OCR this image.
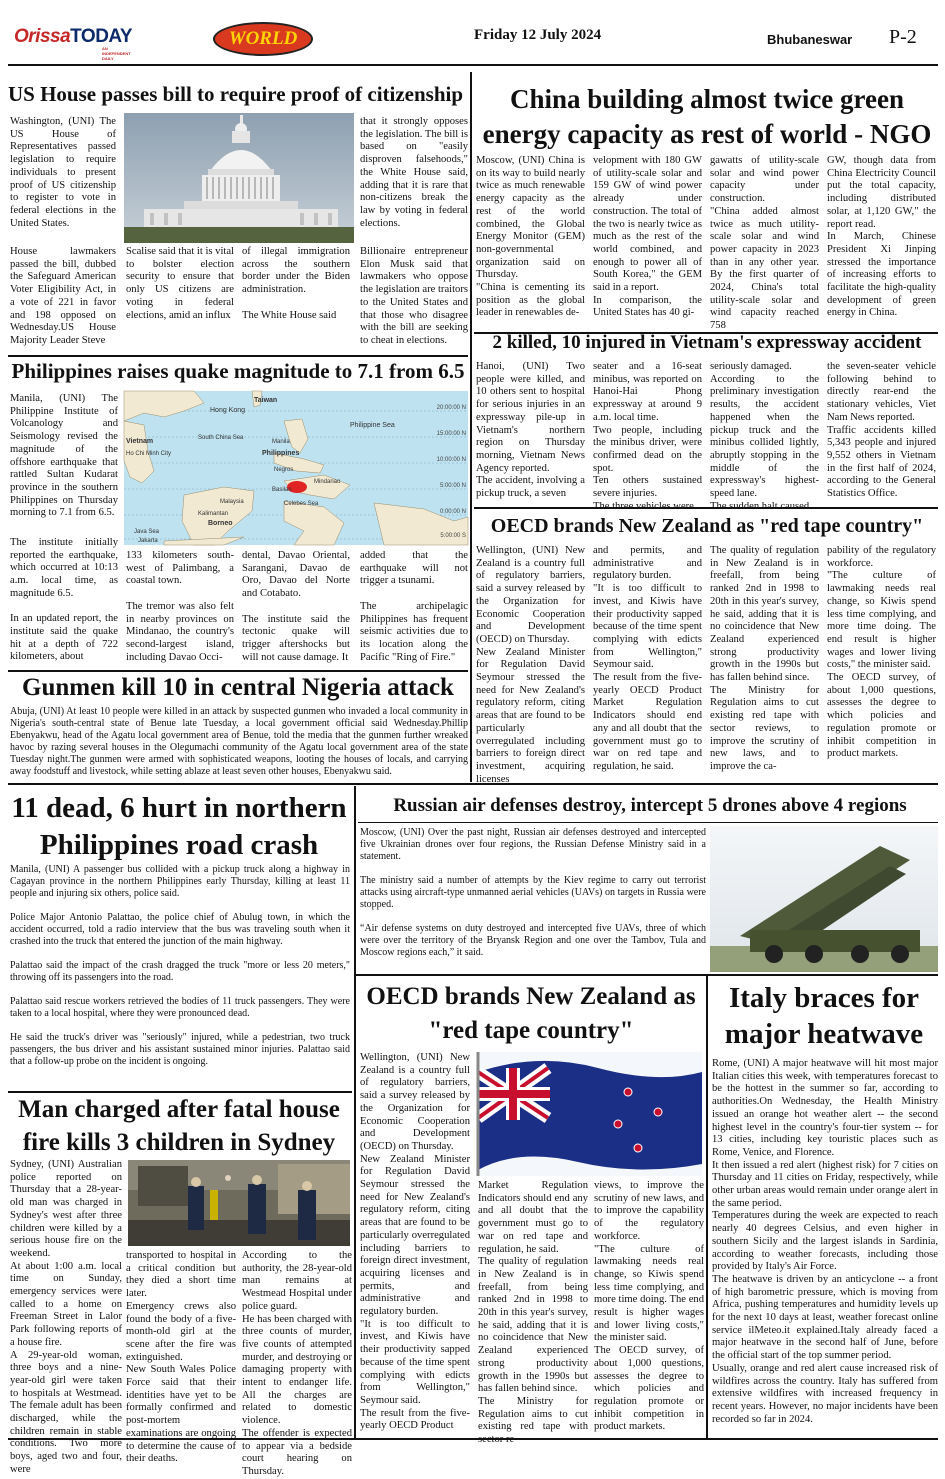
OrissaTODAY
AN INDEPENDENT DAILY
WORLD	Friday 12 July 2024	Bhubaneswar P-2
US House passes bill to require proof of citizenship
Washington, (UNI) The US House of Representatives passed legislation to require individuals to present proof of US citizenship to register to vote in federal elections in the United States.
House lawmakers passed the bill, dubbed the Safeguard American Voter Eligibility Act, in a vote of 221 in favor and 198 opposed on Wednesday.US House Majority Leader Steve
Scalise said that it is vital to bolster election security to ensure that only US citizens are voting in federal elections, amid an influx
of illegal immigration across the southern border under the Biden administration.

The White House said
that it strongly opposes the legislation. The bill is based on "easily disproven falsehoods," the White House said, adding that it is rare that non-citizens break the law by voting in federal elections.
Billionaire entrepreneur Elon Musk said that lawmakers who oppose the legislation are traitors to the United States and that those who disagree with the bill are seeking to cheat in elections.
China building almost twice green energy capacity as rest of world - NGO
Moscow, (UNI) China is on its way to build nearly twice as much renewable energy capacity as the rest of the world combined, the Global Energy Monitor (GEM) non-governmental organization said on Thursday.
"China is cementing its position as the global leader in renewables de-
velopment with 180 GW of utility-scale solar and 159 GW of wind power already under construction. The total of the two is nearly twice as much as the rest of the world combined, and enough to power all of South Korea," the GEM said in a report.
In comparison, the United States has 40 gi-
gawatts of utility-scale solar and wind power capacity under construction.
"China added almost twice as much utility-scale solar and wind power capacity in 2023 than in any other year. By the first quarter of 2024, China's total utility-scale solar and wind capacity reached 758
GW, though data from China Electricity Council put the total capacity, including distributed solar, at 1,120 GW," the report read.
In March, Chinese President Xi Jinping stressed the importance of increasing efforts to facilitate the high-quality development of green energy in China.
Philippines raises quake magnitude to 7.1 from 6.5
Manila, (UNI) The Philippine Institute of Volcanology and Seismology revised the magnitude of the offshore earthquake that rattled Sultan Kudarat province in the southern Philippines on Thursday morning to 7.1 from 6.5.
Taiwan
Hong Kong
South China Sea
Vietnam
Ho Chi Minh City	Philippines
Manila
Philippine Sea
Negros
Mindanao
Basilan
Malaysia
Kalimantan
Borneo
Celebes Sea
Java Sea
Jakarta
20:00:00 N
15:00:00 N
10:00:00 N
5:00:00 N
0:00:00 N
5:00:00 S
The institute initially reported the earthquake, which occurred at 10:13 a.m. local time, as magnitude 6.5.

In an updated report, the institute said the quake hit at a depth of 722 kilometers, about
133 kilometers south-west of Palimbang, a coastal town.

The tremor was also felt in nearby provinces on Mindanao, the country's second-largest island, including Davao Occi-
dental, Davao Oriental, Sarangani, Davao de Oro, Davao del Norte and Cotabato.

The institute said the tectonic quake will trigger aftershocks but will not cause damage. It
added that the earthquake will not trigger a tsunami.

The archipelagic Philippines has frequent seismic activities due to its location along the Pacific "Ring of Fire."
2 killed, 10 injured in Vietnam's expressway accident
Hanoi, (UNI) Two people were killed, and 10 others sent to hospital for serious injuries in an expressway pile-up in Vietnam's northern region on Thursday morning, Vietnam News Agency reported.
The accident, involving a pickup truck, a seven
seater and a 16-seat minibus, was reported on Hanoi-Hai Phong expressway at around 9 a.m. local time.
Two people, including the minibus driver, were confirmed dead on the spot.
Ten others sustained severe injuries.

seriously damaged.
According to the preliminary investigation results, the accident happened when the pickup truck and the minibus collided lightly, abruptly stopping in the middle of the expressway's highest-speed lane.

the seven-seater vehicle following behind to directly rear-end the stationary vehicles, Viet Nam News reported.
Traffic accidents killed 5,343 people and injured 9,552 others in Vietnam in the first half of 2024, according to the General Statistics Office.
OECD brands New Zealand as "red tape country"
Wellington, (UNI) New Zealand is a country full of regulatory barriers, said a survey released by the Organization for Economic Cooperation and Development (OECD) on Thursday.
New Zealand Minister for Regulation David Seymour stressed the need for New Zealand's regulatory reform, citing areas that are found to be particularly overregulated including barriers to foreign direct investment, acquiring licenses
and permits, and administrative and regulatory burden.
"It is too difficult to invest, and Kiwis have their productivity sapped because of the time spent complying with edicts from Wellington," Seymour said.
The result from the five-yearly OECD Product Market Regulation Indicators should end any and all doubt that the government must go to war on red tape and regulation, he said.
The quality of regulation in New Zealand is in freefall, from being ranked 2nd in 1998 to 20th in this year's survey, he said, adding that it is no coincidence that New Zealand experienced strong productivity growth in the 1990s but has fallen behind since.
The Ministry for Regulation aims to cut existing red tape with sector reviews, to improve the scrutiny of new laws, and to improve the ca-
pability of the regulatory workforce.
"The culture of lawmaking needs real change, so Kiwis spend less time complying, and more time doing. The end result is higher wages and lower living costs," the minister said.
The OECD survey, of about 1,000 questions, assesses the degree to which policies and regulation promote or inhibit competition in product markets.
Gunmen kill 10 in central Nigeria attack
Abuja, (UNI) At least 10 people were killed in an attack by suspected gunmen who invaded a local community in Nigeria's south-central state of Benue late Tuesday, a local government official said Wednesday.Phillip Ebenyakwu, head of the Agatu local government area of Benue, told the media that the gunmen further wreaked havoc by razing several houses in the Olegumachi community of the Agatu local government area of the state Tuesday night.The gunmen were armed with sophisticated weapons, looting the houses of locals, and carrying away foodstuff and livestock, while setting ablaze at least seven other houses, Ebenyakwu said.
11 dead, 6 hurt in northern Philippines road crash
Manila, (UNI) A passenger bus collided with a pickup truck along a highway in Cagayan province in the northern Philippines early Thursday, killing at least 11 people and injuring six others, police said.

Police Major Antonio Palattao, the police chief of Abulug town, in which the accident occurred, told a radio interview that the bus was traveling south when it crashed into the truck that entered the junction of the main highway.

Palattao said the impact of the crash dragged the truck "more or less 20 meters," throwing off its passengers into the road.

Palattao said rescue workers retrieved the bodies of 11 truck passengers. They were taken to a local hospital, where they were pronounced dead.

He said the truck's driver was "seriously" injured, while a pedestrian, two truck passengers, the bus driver and his assistant sustained minor injuries. Palattao said that a follow-up probe on the incident is ongoing.
Man charged after fatal house fire kills 3 children in Sydney
Sydney, (UNI) Australian police reported on Thursday that a 28-year-old man was charged in Sydney's west after three children were killed by a serious house fire on the weekend.
At about 1:00 a.m. local time on Sunday, emergency services were called to a home on Freeman Street in Lalor Park following reports of a house fire.
A 29-year-old woman, three boys and a nine-year-old girl were taken to hospitals at Westmead. The female adult has been discharged, while the children remain in stable conditions. Two more boys, aged two and four, were
transported to hospital in a critical condition but they died a short time later.
Emergency crews also found the body of a five-month-old girl at the scene after the fire was extinguished.
New South Wales Police Force said that their identities have yet to be formally confirmed and post-mortem examinations are ongoing to determine the cause of their deaths.
According to the authority, the 28-year-old man remains at Westmead Hospital under police guard.
He has been charged with three counts of murder, five counts of attempted murder, and destroying or damaging property with intent to endanger life. All the charges are related to domestic violence.
The offender is expected to appear via a bedside court hearing on Thursday.
Russian air defenses destroy, intercept 5 drones above 4 regions
Moscow, (UNI) Over the past night, Russian air defenses destroyed and intercepted five Ukrainian drones over four regions, the Russian Defense Ministry said in a statement.

The ministry said a number of attempts by the Kiev regime to carry out terrorist attacks using aircraft-type unmanned aerial vehicles (UAVs) on targets in Russia were stopped.

“Air defense systems on duty destroyed and intercepted five UAVs, three of which were over the territory of the Bryansk Region and one over the Tambov, Tula and Moscow regions each,” it said.
OECD brands New Zealand as "red tape country"
Wellington, (UNI) New Zealand is a country full of regulatory barriers, said a survey released by the Organization for Economic Cooperation and Development (OECD) on Thursday.
New Zealand Minister for Regulation David Seymour stressed the need for New Zealand's regulatory reform, citing areas that are found to be particularly overregulated including barriers to foreign direct investment, acquiring licenses and permits, and administrative and regulatory burden.
"It is too difficult to invest, and Kiwis have their productivity sapped because of the time spent complying with edicts from Wellington," Seymour said.
The result from the five-yearly OECD Product
Market Regulation Indicators should end any and all doubt that the government must go to war on red tape and regulation, he said.
The quality of regulation in New Zealand is in freefall, from being ranked 2nd in 1998 to 20th in this year's survey, he said, adding that it is no coincidence that New Zealand experienced strong productivity growth in the 1990s but has fallen behind since.
The Ministry for Regulation aims to cut existing red tape with sector re-
views, to improve the scrutiny of new laws, and to improve the capability of the regulatory workforce.
"The culture of lawmaking needs real change, so Kiwis spend less time complying, and more time doing. The end result is higher wages and lower living costs," the minister said.
The OECD survey, of about 1,000 questions, assesses the degree to which policies and regulation promote or inhibit competition in product markets.
Italy braces for major heatwave
Rome, (UNI) A major heatwave will hit most major Italian cities this week, with temperatures forecast to be the hottest in the summer so far, according to authorities.On Wednesday, the Health Ministry issued an orange hot weather alert -- the second highest level in the country's four-tier system -- for 13 cities, including key touristic places such as Rome, Venice, and Florence.
It then issued a red alert (highest risk) for 7 cities on Thursday and 11 cities on Friday, respectively, while other urban areas would remain under orange alert in the same period.
Temperatures during the week are expected to reach nearly 40 degrees Celsius, and even higher in southern Sicily and the largest islands in Sardinia, according to weather forecasts, including those provided by Italy's Air Force.
The heatwave is driven by an anticyclone -- a front of high barometric pressure, which is moving from Africa, pushing temperatures and humidity levels up for the next 10 days at least, weather forecast online service ilMeteo.it explained.Italy already faced a major heatwave in the second half of June, before the official start of the top summer period.
Usually, orange and red alert cause increased risk of wildfires across the country. Italy has suffered from extensive wildfires with increased frequency in recent years. However, no major incidents have been recorded so far in 2024.
